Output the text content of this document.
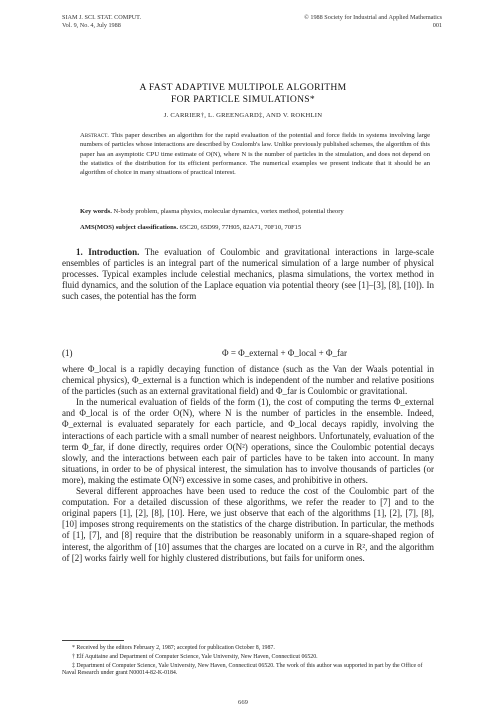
SIAM J. SCI. STAT. COMPUT.
Vol. 9, No. 4, July 1988
© 1988 Society for Industrial and Applied Mathematics
001
A FAST ADAPTIVE MULTIPOLE ALGORITHM
FOR PARTICLE SIMULATIONS*
J. CARRIER†, L. GREENGARD‡, AND V. ROKHLIN
Abstract. This paper describes an algorithm for the rapid evaluation of the potential and force fields in systems involving large numbers of particles whose interactions are described by Coulomb's law. Unlike previously published schemes, the algorithm of this paper has an asymptotic CPU time estimate of O(N), where N is the number of particles in the simulation, and does not depend on the statistics of the distribution for its efficient performance. The numerical examples we present indicate that it should be an algorithm of choice in many situations of practical interest.
Key words. N-body problem, plasma physics, molecular dynamics, vortex method, potential theory
AMS(MOS) subject classifications. 65C20, 65D99, 77H05, 82A71, 70F10, 70F15

1. Introduction. The evaluation of Coulombic and gravitational interactions in large-scale ensembles of particles is an integral part of the numerical simulation of a large number of physical processes. Typical examples include celestial mechanics, plasma simulations, the vortex method in fluid dynamics, and the solution of the Laplace equation via potential theory (see [1]–[3], [8], [10]). In such cases, the potential has the form

(1)	Φ = Φ_external + Φ_local + Φ_far

where Φ_local is a rapidly decaying function of distance (such as the Van der Waals potential in chemical physics), Φ_external is a function which is independent of the number and relative positions of the particles (such as an external gravitational field) and Φ_far is Coulombic or gravitational.

In the numerical evaluation of fields of the form (1), the cost of computing the terms Φ_external and Φ_local is of the order O(N), where N is the number of particles in the ensemble. Indeed, Φ_external is evaluated separately for each particle, and Φ_local decays rapidly, involving the interactions of each particle with a small number of nearest neighbors. Unfortunately, evaluation of the term Φ_far, if done directly, requires order O(N²) operations, since the Coulombic potential decays slowly, and the interactions between each pair of particles have to be taken into account. In many situations, in order to be of physical interest, the simulation has to involve thousands of particles (or more), making the estimate O(N²) excessive in some cases, and prohibitive in others.

Several different approaches have been used to reduce the cost of the Coulombic part of the computation. For a detailed discussion of these algorithms, we refer the reader to [7] and to the original papers [1], [2], [8], [10]. Here, we just observe that each of the algorithms [1], [2], [7], [8], [10] imposes strong requirements on the statistics of the charge distribution. In particular, the methods of [1], [7], and [8] require that the distribution be reasonably uniform in a square-shaped region of interest, the algorithm of [10] assumes that the charges are located on a curve in R², and the algorithm of [2] works fairly well for highly clustered distributions, but fails for uniform ones.

* Received by the editors February 2, 1987; accepted for publication October 8, 1987.
† Elf Aquitaine and Department of Computer Science, Yale University, New Haven, Connecticut 06520.
‡ Department of Computer Science, Yale University, New Haven, Connecticut 06520. The work of this author was supported in part by the Office of Naval Research under grant N00014-82-K-0184.
669
